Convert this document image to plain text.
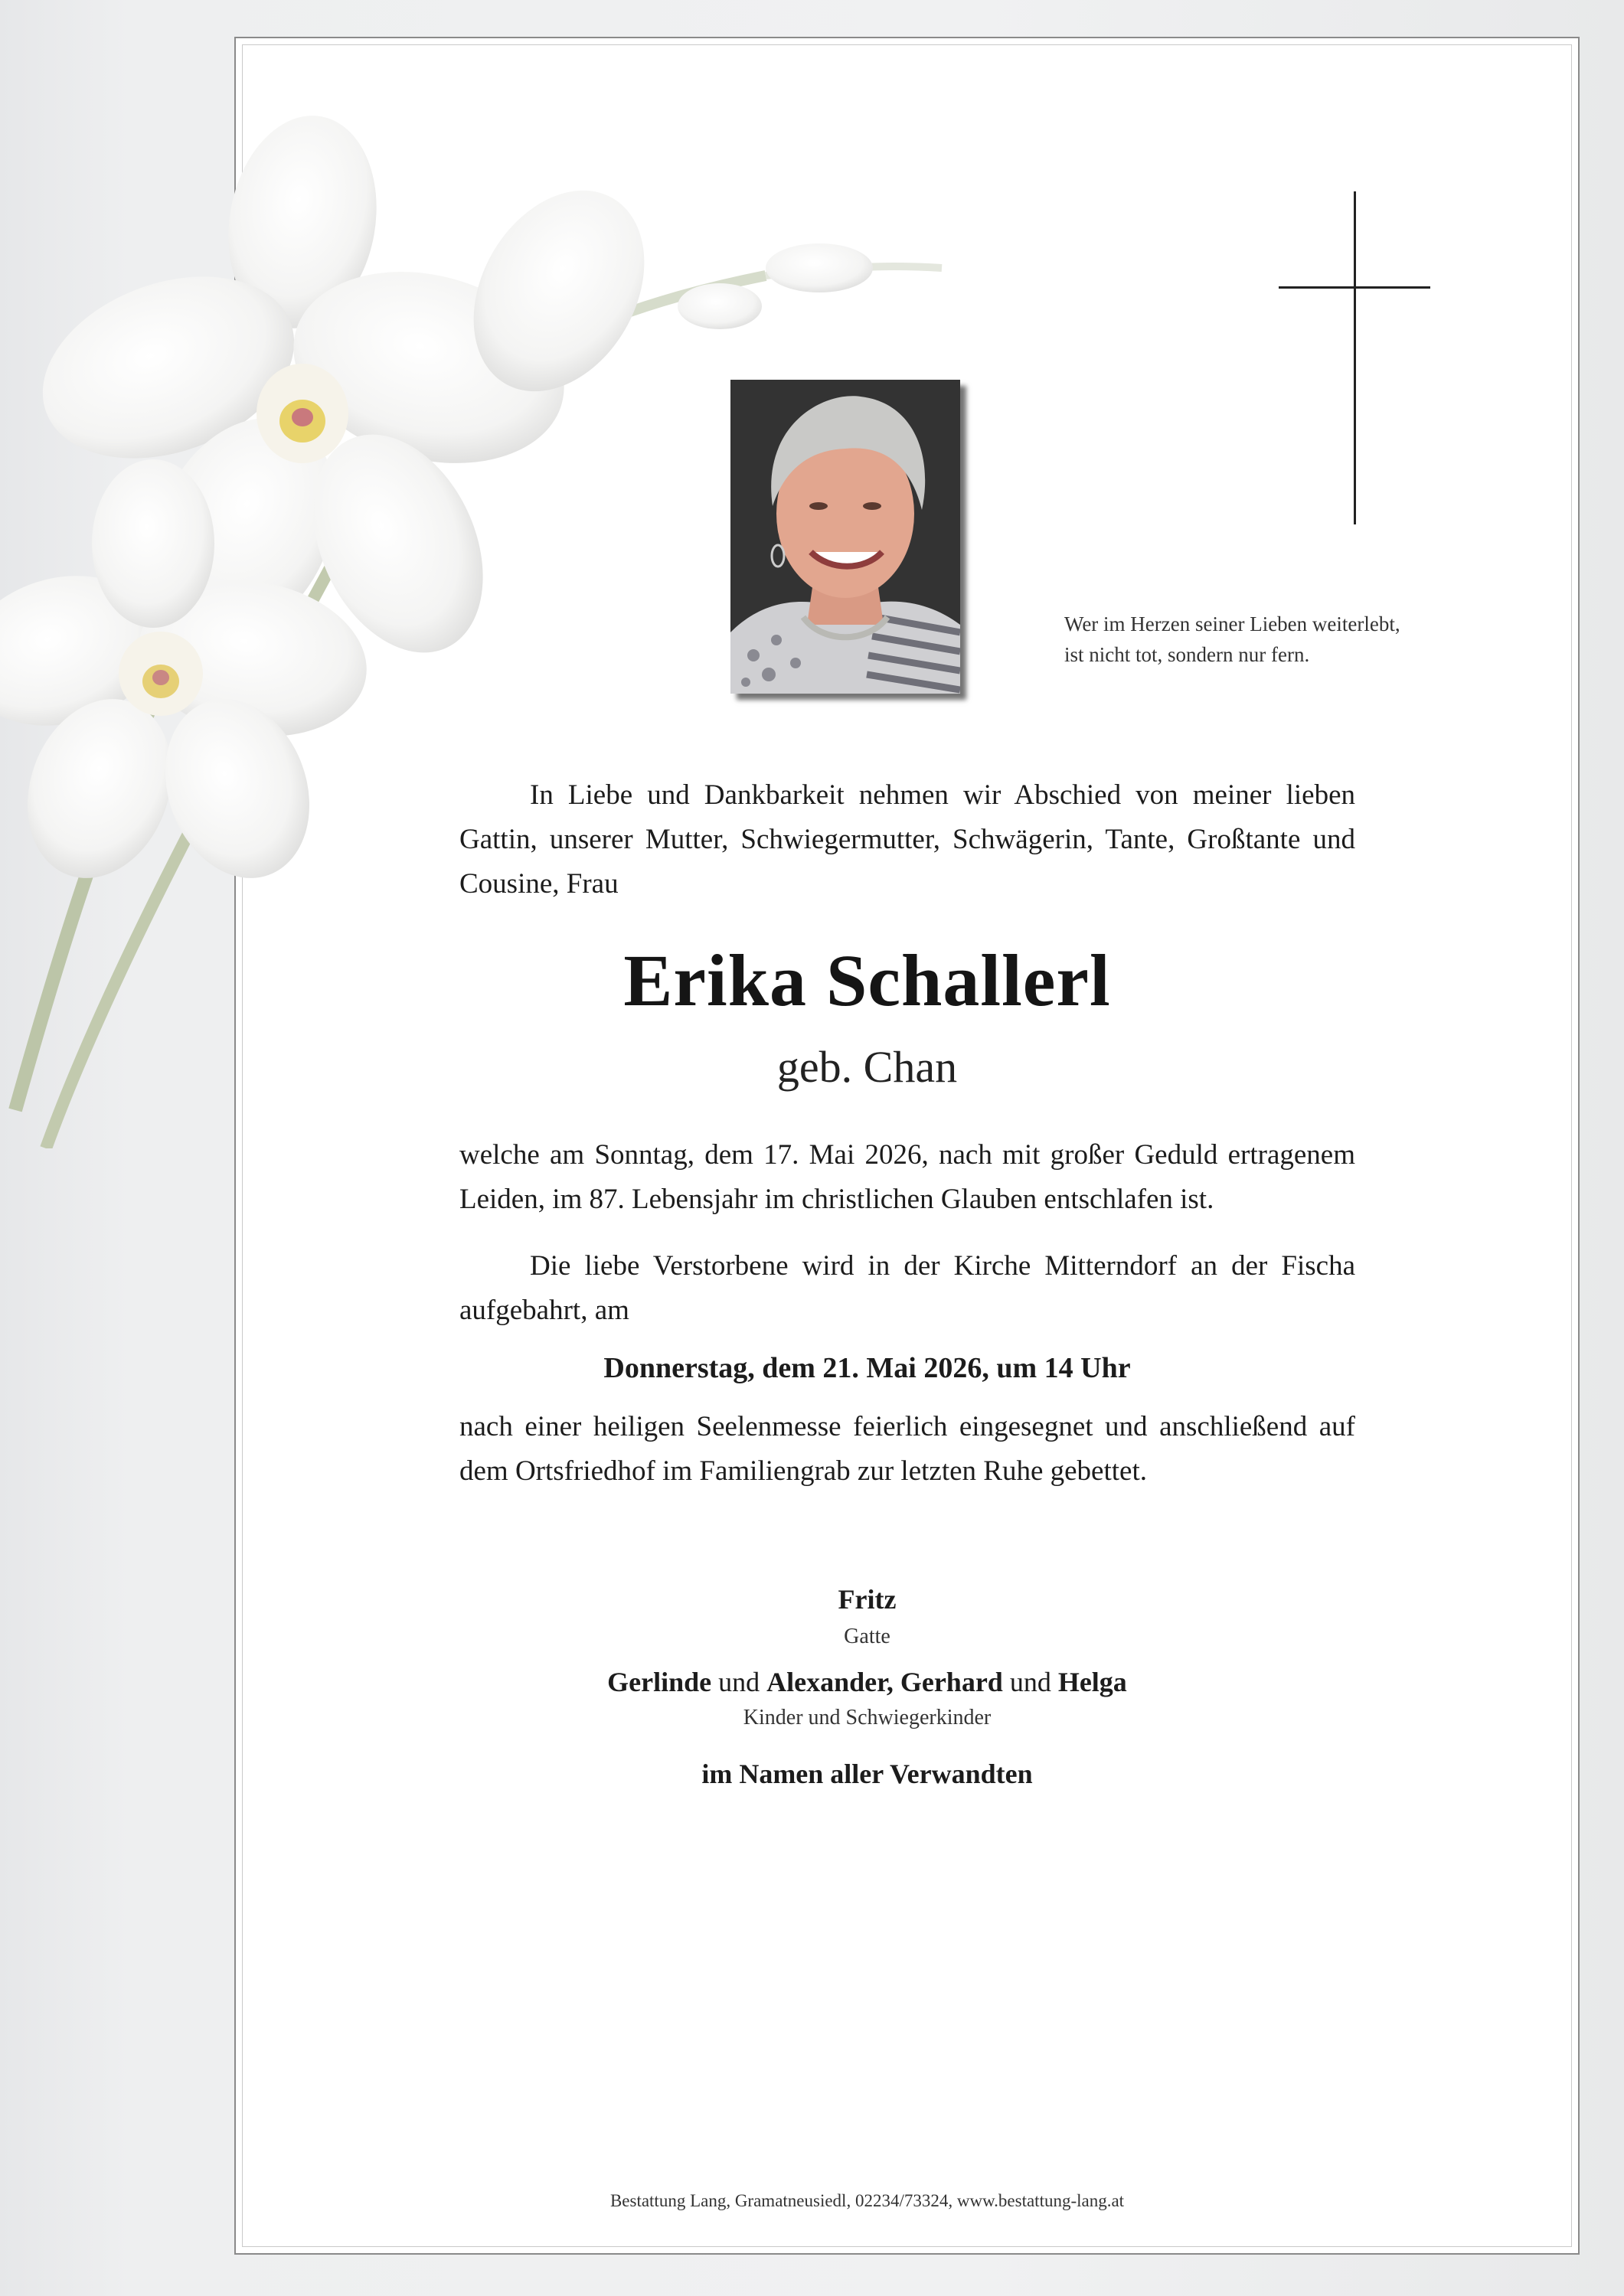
Wer im Herzen seiner Lieben weiterlebt,
ist nicht tot, sondern nur fern.
In Liebe und Dankbarkeit nehmen wir Abschied von meiner lieben Gattin, unserer Mutter, Schwiegermutter, Schwägerin, Tante, Großtante und Cousine, Frau
Erika Schallerl
geb. Chan
welche am Sonntag, dem 17. Mai 2026, nach mit großer Geduld ertragenem Leiden, im 87. Lebensjahr im christlichen Glauben entschlafen ist.
Die liebe Verstorbene wird in der Kirche Mitterndorf an der Fischa aufgebahrt, am
Donnerstag, dem 21. Mai 2026, um 14 Uhr
nach einer heiligen Seelenmesse feierlich eingesegnet und anschließend auf dem Ortsfriedhof im Familiengrab zur letzten Ruhe gebettet.
Fritz
Gatte
Gerlinde und Alexander, Gerhard und Helga
Kinder und Schwiegerkinder
im Namen aller Verwandten
Bestattung Lang, Gramatneusiedl, 02234/73324, www.bestattung-lang.at
